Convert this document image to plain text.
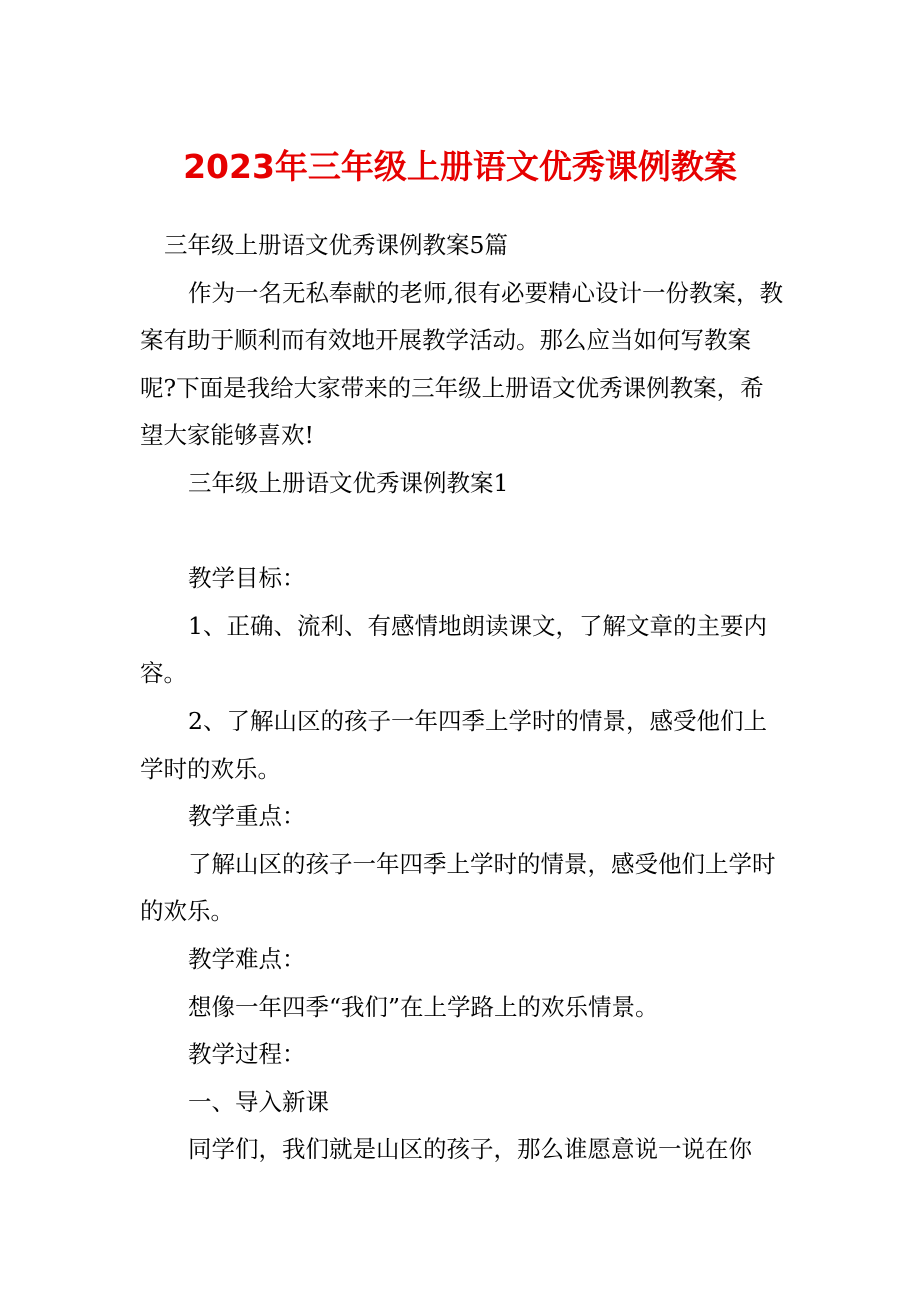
2023年三年级上册语文优秀课例教案

三年级上册语文优秀课例教案5篇

作为一名无私奉献的老师,很有必要精心设计一份教案，教案有助于顺利而有效地开展教学活动。那么应当如何写教案呢?下面是我给大家带来的三年级上册语文优秀课例教案，希望大家能够喜欢!

三年级上册语文优秀课例教案1

教学目标：

1、正确、流利、有感情地朗读课文，了解文章的主要内容。

2、了解山区的孩子一年四季上学时的情景，感受他们上学时的欢乐。

教学重点：

了解山区的孩子一年四季上学时的情景，感受他们上学时的欢乐。

教学难点：

想像一年四季“我们”在上学路上的欢乐情景。

教学过程：

一、导入新课

同学们，我们就是山区的孩子，那么谁愿意说一说在你
